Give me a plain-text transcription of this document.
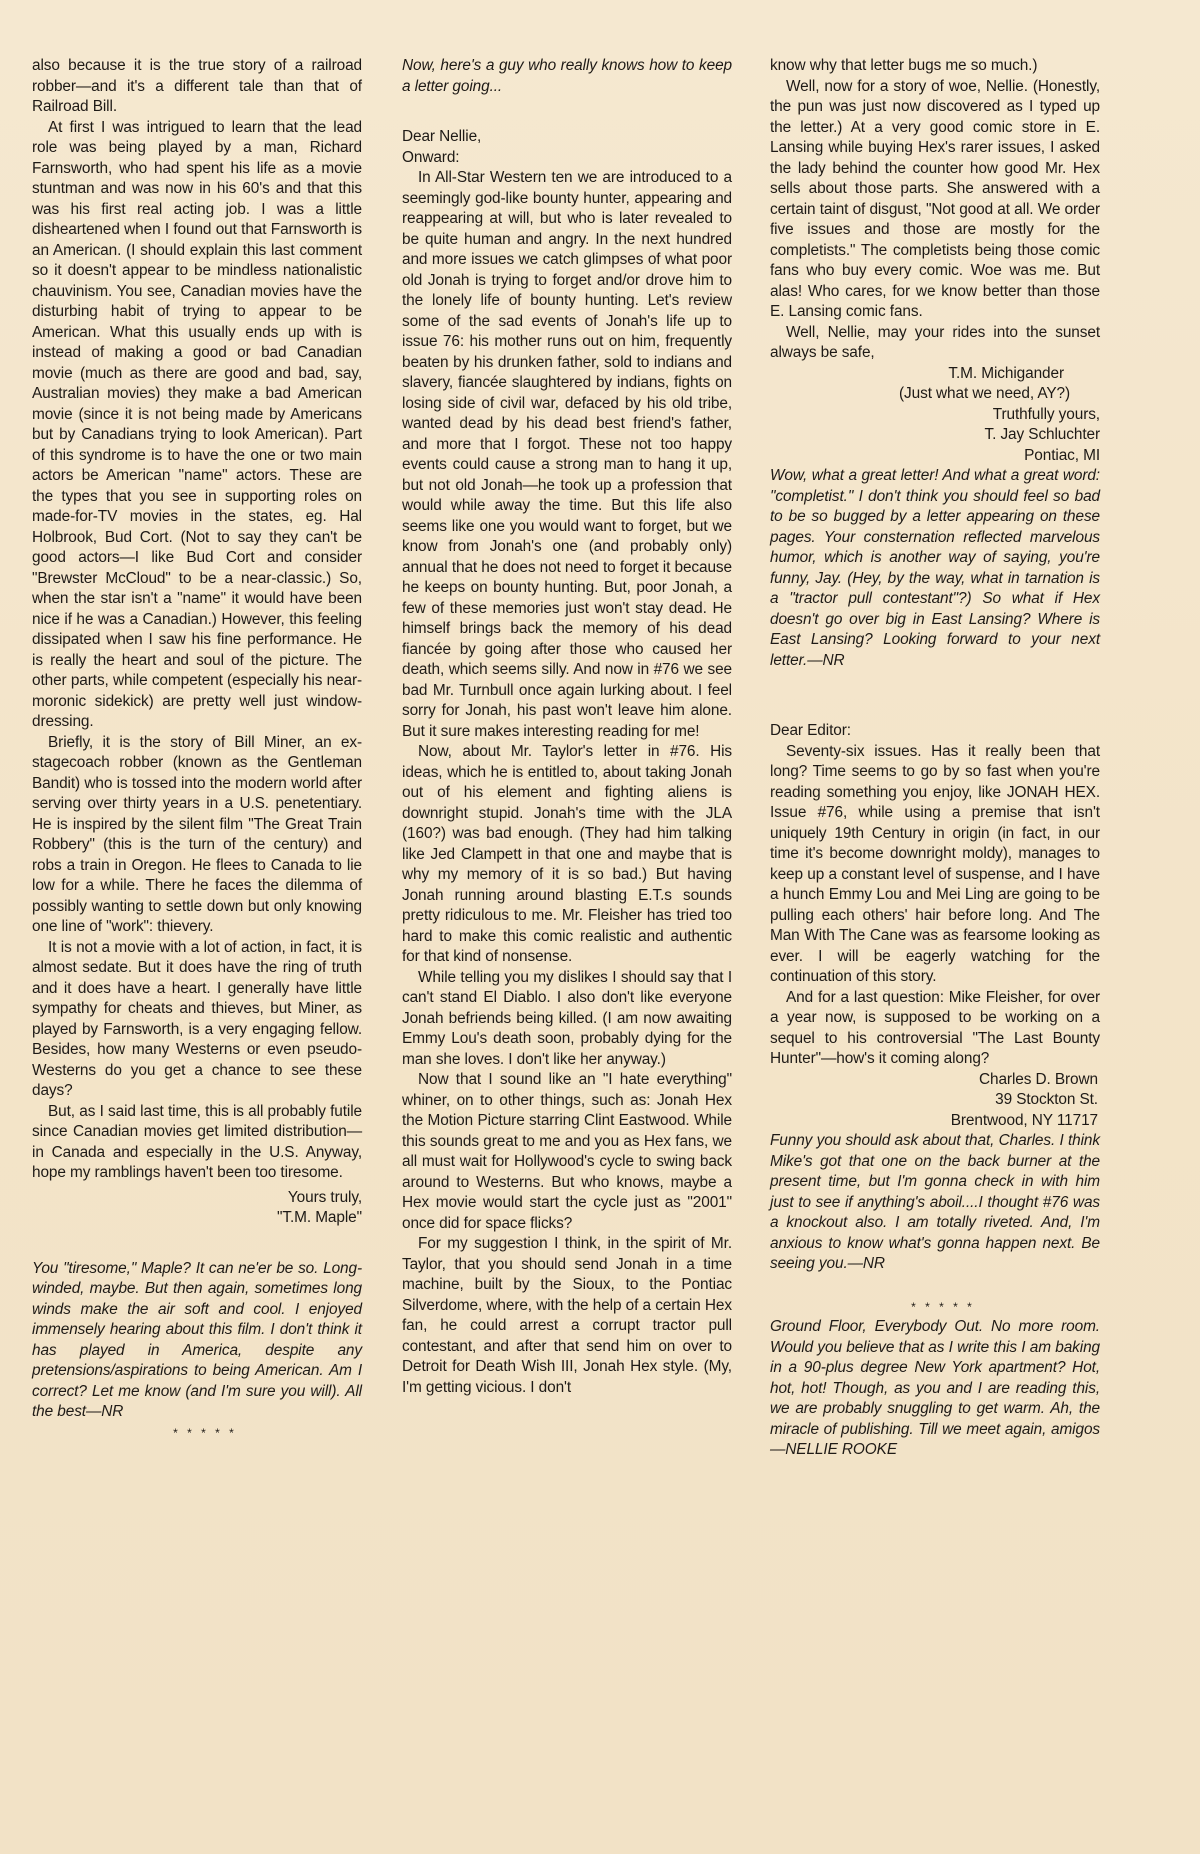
also because it is the true story of a railroad robber—and it's a different tale than that of Railroad Bill.

At first I was intrigued to learn that the lead role was being played by a man, Richard Farnsworth, who had spent his life as a movie stuntman and was now in his 60's and that this was his first real acting job. I was a little disheartened when I found out that Farnsworth is an American. (I should explain this last comment so it doesn't appear to be mindless nationalistic chauvinism. You see, Canadian movies have the disturbing habit of trying to appear to be American. What this usually ends up with is instead of making a good or bad Canadian movie (much as there are good and bad, say, Australian movies) they make a bad American movie (since it is not being made by Americans but by Canadians trying to look American). Part of this syndrome is to have the one or two main actors be American "name" actors. These are the types that you see in supporting roles on made-for-TV movies in the states, eg. Hal Holbrook, Bud Cort. (Not to say they can't be good actors—I like Bud Cort and consider "Brewster McCloud" to be a near-classic.) So, when the star isn't a "name" it would have been nice if he was a Canadian.) However, this feeling dissipated when I saw his fine performance. He is really the heart and soul of the picture. The other parts, while competent (especially his near-moronic sidekick) are pretty well just window-dressing.

Briefly, it is the story of Bill Miner, an ex-stagecoach robber (known as the Gentleman Bandit) who is tossed into the modern world after serving over thirty years in a U.S. penetentiary. He is inspired by the silent film "The Great Train Robbery" (this is the turn of the century) and robs a train in Oregon. He flees to Canada to lie low for a while. There he faces the dilemma of possibly wanting to settle down but only knowing one line of "work": thievery.

It is not a movie with a lot of action, in fact, it is almost sedate. But it does have the ring of truth and it does have a heart. I generally have little sympathy for cheats and thieves, but Miner, as played by Farnsworth, is a very engaging fellow. Besides, how many Westerns or even pseudo-Westerns do you get a chance to see these days?

But, as I said last time, this is all probably futile since Canadian movies get limited distribution—in Canada and especially in the U.S. Anyway, hope my ramblings haven't been too tiresome.

Yours truly,

"T.M. Maple"

You "tiresome," Maple? It can ne'er be so. Long-winded, maybe. But then again, sometimes long winds make the air soft and cool. I enjoyed immensely hearing about this film. I don't think it has played in America, despite any pretensions/aspirations to being American. Am I correct? Let me know (and I'm sure you will). All the best—NR

* * * * *

Now, here's a guy who really knows how to keep a letter going...

Dear Nellie,

Onward:

In All-Star Western ten we are introduced to a seemingly god-like bounty hunter, appearing and reappearing at will, but who is later revealed to be quite human and angry. In the next hundred and more issues we catch glimpses of what poor old Jonah is trying to forget and/or drove him to the lonely life of bounty hunting. Let's review some of the sad events of Jonah's life up to issue 76: his mother runs out on him, frequently beaten by his drunken father, sold to indians and slavery, fiancée slaughtered by indians, fights on losing side of civil war, defaced by his old tribe, wanted dead by his dead best friend's father, and more that I forgot. These not too happy events could cause a strong man to hang it up, but not old Jonah—he took up a profession that would while away the time. But this life also seems like one you would want to forget, but we know from Jonah's one (and probably only) annual that he does not need to forget it because he keeps on bounty hunting. But, poor Jonah, a few of these memories just won't stay dead. He himself brings back the memory of his dead fiancée by going after those who caused her death, which seems silly. And now in #76 we see bad Mr. Turnbull once again lurking about. I feel sorry for Jonah, his past won't leave him alone. But it sure makes interesting reading for me!

Now, about Mr. Taylor's letter in #76. His ideas, which he is entitled to, about taking Jonah out of his element and fighting aliens is downright stupid. Jonah's time with the JLA (160?) was bad enough. (They had him talking like Jed Clampett in that one and maybe that is why my memory of it is so bad.) But having Jonah running around blasting E.T.s sounds pretty ridiculous to me. Mr. Fleisher has tried too hard to make this comic realistic and authentic for that kind of nonsense.

While telling you my dislikes I should say that I can't stand El Diablo. I also don't like everyone Jonah befriends being killed. (I am now awaiting Emmy Lou's death soon, probably dying for the man she loves. I don't like her anyway.)

Now that I sound like an "I hate everything" whiner, on to other things, such as: Jonah Hex the Motion Picture starring Clint Eastwood. While this sounds great to me and you as Hex fans, we all must wait for Hollywood's cycle to swing back around to Westerns. But who knows, maybe a Hex movie would start the cycle just as "2001" once did for space flicks?

For my suggestion I think, in the spirit of Mr. Taylor, that you should send Jonah in a time machine, built by the Sioux, to the Pontiac Silverdome, where, with the help of a certain Hex fan, he could arrest a corrupt tractor pull contestant, and after that send him on over to Detroit for Death Wish III, Jonah Hex style. (My, I'm getting vicious. I don't

know why that letter bugs me so much.)

Well, now for a story of woe, Nellie. (Honestly, the pun was just now discovered as I typed up the letter.) At a very good comic store in E. Lansing while buying Hex's rarer issues, I asked the lady behind the counter how good Mr. Hex sells about those parts. She answered with a certain taint of disgust, "Not good at all. We order five issues and those are mostly for the completists." The completists being those comic fans who buy every comic. Woe was me. But alas! Who cares, for we know better than those E. Lansing comic fans.

Well, Nellie, may your rides into the sunset always be safe,

T.M. Michigander

(Just what we need, AY?)

Truthfully yours,

T. Jay Schluchter

Pontiac, MI

Wow, what a great letter! And what a great word: "completist." I don't think you should feel so bad to be so bugged by a letter appearing on these pages. Your consternation reflected marvelous humor, which is another way of saying, you're funny, Jay. (Hey, by the way, what in tarnation is a "tractor pull contestant"?) So what if Hex doesn't go over big in East Lansing? Where is East Lansing? Looking forward to your next letter.—NR

Dear Editor:

Seventy-six issues. Has it really been that long? Time seems to go by so fast when you're reading something you enjoy, like JONAH HEX. Issue #76, while using a premise that isn't uniquely 19th Century in origin (in fact, in our time it's become downright moldy), manages to keep up a constant level of suspense, and I have a hunch Emmy Lou and Mei Ling are going to be pulling each others' hair before long. And The Man With The Cane was as fearsome looking as ever. I will be eagerly watching for the continuation of this story.

And for a last question: Mike Fleisher, for over a year now, is supposed to be working on a sequel to his controversial "The Last Bounty Hunter"—how's it coming along?

Charles D. Brown

39 Stockton St.

Brentwood, NY 11717

Funny you should ask about that, Charles. I think Mike's got that one on the back burner at the present time, but I'm gonna check in with him just to see if anything's aboil....I thought #76 was a knockout also. I am totally riveted. And, I'm anxious to know what's gonna happen next. Be seeing you.—NR

* * * * *

Ground Floor, Everybody Out. No more room. Would you believe that as I write this I am baking in a 90-plus degree New York apartment? Hot, hot, hot! Though, as you and I are reading this, we are probably snuggling to get warm. Ah, the miracle of publishing. Till we meet again, amigos—NELLIE ROOKE
